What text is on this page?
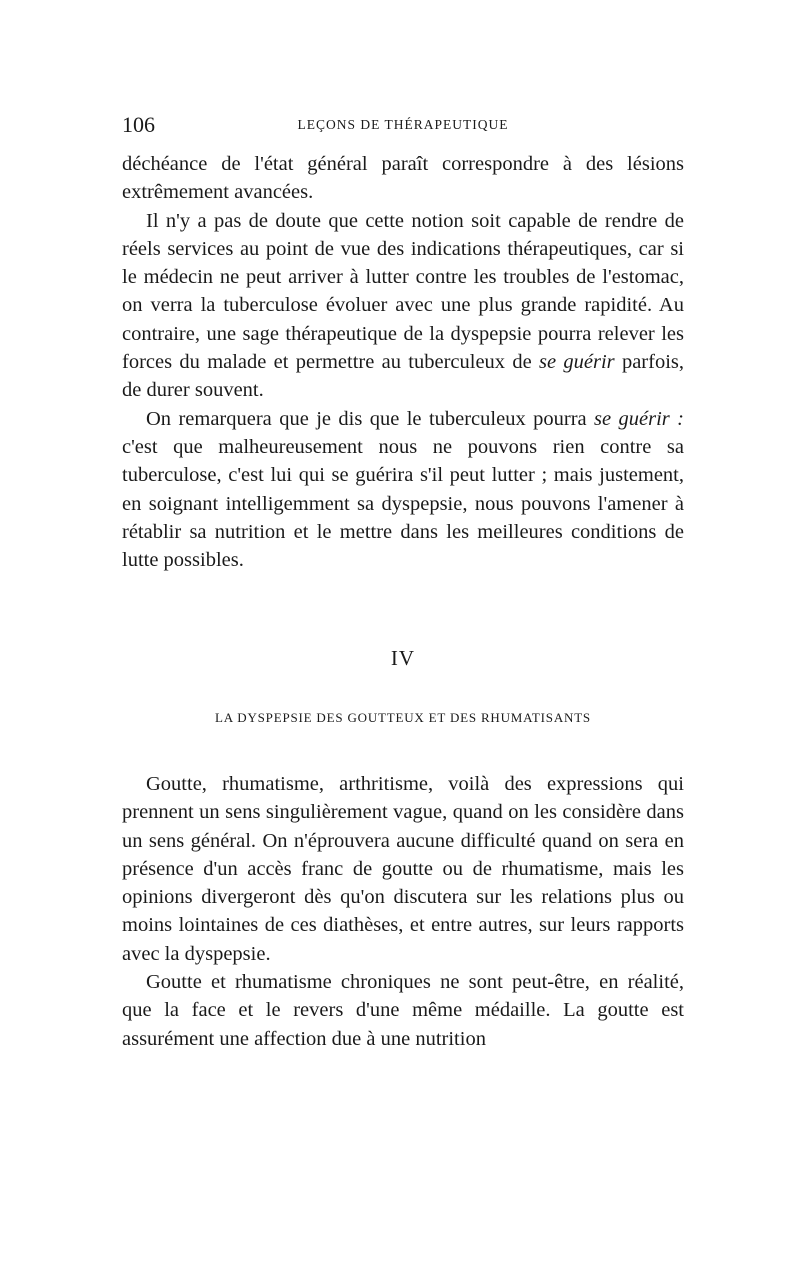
106	LEÇONS DE THÉRAPEUTIQUE

déchéance de l'état général paraît correspondre à des lésions extrêmement avancées.

Il n'y a pas de doute que cette notion soit capable de rendre de réels services au point de vue des indications thérapeutiques, car si le médecin ne peut arriver à lutter contre les troubles de l'estomac, on verra la tuberculose évoluer avec une plus grande rapidité. Au contraire, une sage thérapeutique de la dyspepsie pourra relever les forces du malade et permettre au tuberculeux de se guérir parfois, de durer souvent.

On remarquera que je dis que le tuberculeux pourra se guérir : c'est que malheureusement nous ne pouvons rien contre sa tuberculose, c'est lui qui se guérira s'il peut lutter ; mais justement, en soignant intelligemment sa dyspepsie, nous pouvons l'amener à rétablir sa nutrition et le mettre dans les meilleures conditions de lutte possibles.

IV
LA DYSPEPSIE DES GOUTTEUX ET DES RHUMATISANTS

Goutte, rhumatisme, arthritisme, voilà des expressions qui prennent un sens singulièrement vague, quand on les considère dans un sens général. On n'éprouvera aucune difficulté quand on sera en présence d'un accès franc de goutte ou de rhumatisme, mais les opinions divergeront dès qu'on discutera sur les relations plus ou moins lointaines de ces diathèses, et entre autres, sur leurs rapports avec la dyspepsie.

Goutte et rhumatisme chroniques ne sont peut-être, en réalité, que la face et le revers d'une même médaille. La goutte est assurément une affection due à une nutrition
